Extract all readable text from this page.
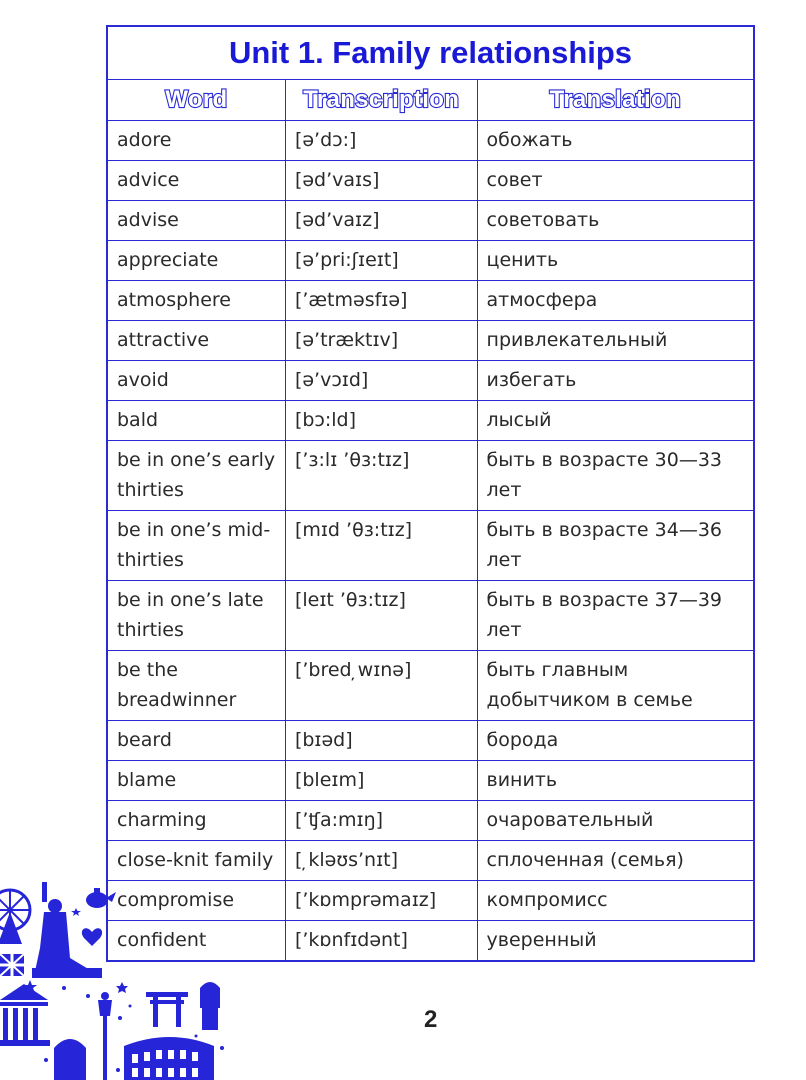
Unit 1. Family relationships		
Word	Transcription	Translation
adore	[ə’dɔ:]	обожать
advice	[əd’vaɪs]	совет
advise	[əd’vaɪz]	советовать
appreciate	[ə’pri:ʃɪeɪt]	ценить
atmosphere	[’ætməsfɪə]	атмосфера
attractive	[ə’træktɪv]	привлекательный
avoid	[ə’vɔɪd]	избегать
bald	[bɔ:ld]	лысый
be in one’s early thirties	[’ɜ:lɪ ’θɜ:tɪz]	быть в возрасте 30—33 лет
be in one’s mid-thirties	[mɪd ’θɜ:tɪz]	быть в возрасте 34—36 лет
be in one’s late thirties	[leɪt ’θɜ:tɪz]	быть в возрасте 37—39 лет
be the breadwinner	[’bred ̦wɪnə]	быть главным добытчиком в семье
beard	[bɪəd]	борода
blame	[bleɪm]	винить
charming	[’ʧa:mɪŋ]	очаровательный
close-knit family	[ ̦kləʊs’nɪt]	сплоченная (семья)
compromise	[’kɒmprəmaɪz]	компромисс
confident	[’kɒnfɪdənt]	уверенный
2
